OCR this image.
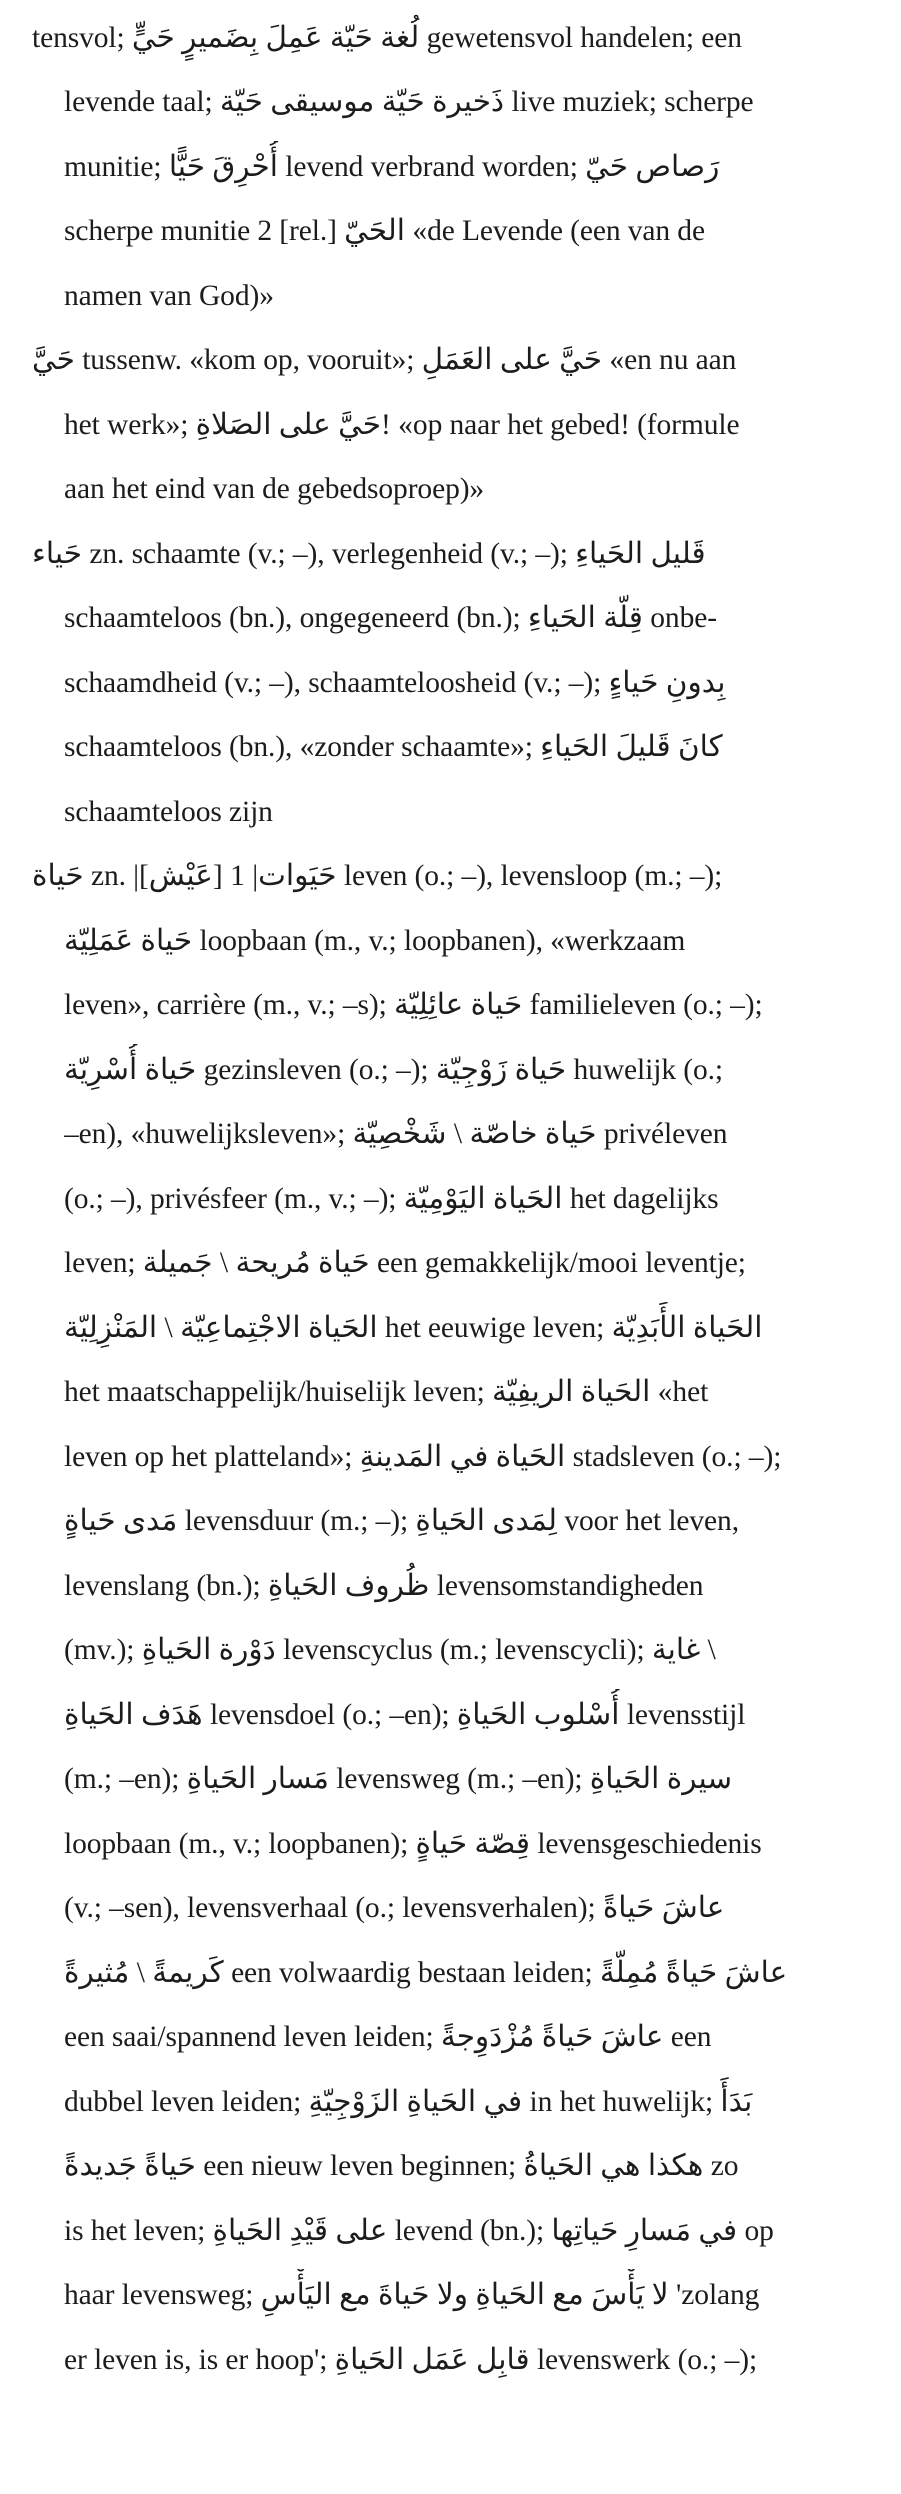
tensvol; لُغة حَيّة عَمِلَ بِضَميرٍ حَيٍّ gewetensvol handelen; een
levende taal; ذَخيرة حَيّة موسيقى حَيّة live muziek; scherpe
munitie; أُحْرِقَ حَيًّا levend verbrand worden; رَصاص حَيّ
scherpe munitie 2 [rel.] الحَيّ «de Levende (een van de
namen van God)»
حَيَّ tussenw. «kom op, vooruit»; حَيَّ على العَمَلِ «en nu aan
het werk»; حَيَّ على الصَلاةِ! «op naar het gebed! (formule
aan het eind van de gebedsoproep)»
حَياء zn. schaamte (v.; –), verlegenheid (v.; –); قَليل الحَياءِ
schaamteloos (bn.), ongegeneerd (bn.); قِلّة الحَياءِ onbe-
schaamdheid (v.; –), schaamteloosheid (v.; –); بِدونِ حَياءٍ
schaamteloos (bn.), «zonder schaamte»; كانَ قَليلَ الحَياءِ
schaamteloos zijn
حَياة zn. |حَيَوات| 1 [عَيْش] leven (o.; –), levensloop (m.; –);
حَياة عَمَلِيّة loopbaan (m., v.; loopbanen), «werkzaam
leven», carrière (m., v.; –s); حَياة عائِلِيّة familieleven (o.; –);
حَياة أُسْرِيّة gezinsleven (o.; –); حَياة زَوْجِيّة huwelijk (o.;
–en), «huwelijksleven»; حَياة خاصّة \ شَخْصِيّة privéleven
(o.; –), privésfeer (m., v.; –); الحَياة اليَوْمِيّة het dagelijks
leven; حَياة مُريحة \ جَميلة een gemakkelijk/mooi leventje;
الحَياة الاجْتِماعِيّة \ المَنْزِلِيّة het eeuwige leven; الحَياة الأَبَدِيّة
het maatschappelijk/huiselijk leven; الحَياة الريفِيّة «het
leven op het platteland»; الحَياة في المَدينةِ stadsleven (o.; –);
مَدى حَياةٍ levensduur (m.; –); لِمَدى الحَياةِ voor het leven,
levenslang (bn.); ظُروف الحَياةِ levensomstandigheden
(mv.); دَوْرة الحَياةِ levenscyclus (m.; levenscycli); غاية \
هَدَف الحَياةِ levensdoel (o.; –en); أُسْلوب الحَياةِ levensstijl
(m.; –en); مَسار الحَياةِ levensweg (m.; –en); سيرة الحَياةِ
loopbaan (m., v.; loopbanen); قِصّة حَياةٍ levensgeschiedenis
(v.; –sen), levensverhaal (o.; levensverhalen); عاشَ حَياةً
كَريمةً \ مُثيرةً een volwaardig bestaan leiden; عاشَ حَياةً مُمِلّةً
een saai/spannend leven leiden; عاشَ حَياةً مُزْدَوِجةً een
dubbel leven leiden; في الحَياةِ الزَوْجِيّةِ in het huwelijk; بَدَأَ
حَياةً جَديدةً een nieuw leven beginnen; هكذا هي الحَياةُ zo
is het leven; على قَيْدِ الحَياةِ levend (bn.); في مَسارِ حَياتِها op
haar levensweg; لا يَأْسَ مع الحَياةِ ولا حَياةَ مع اليَأْسِ 'zolang
er leven is, is er hoop'; قابِل عَمَل الحَياةِ levenswerk (o.; –);
